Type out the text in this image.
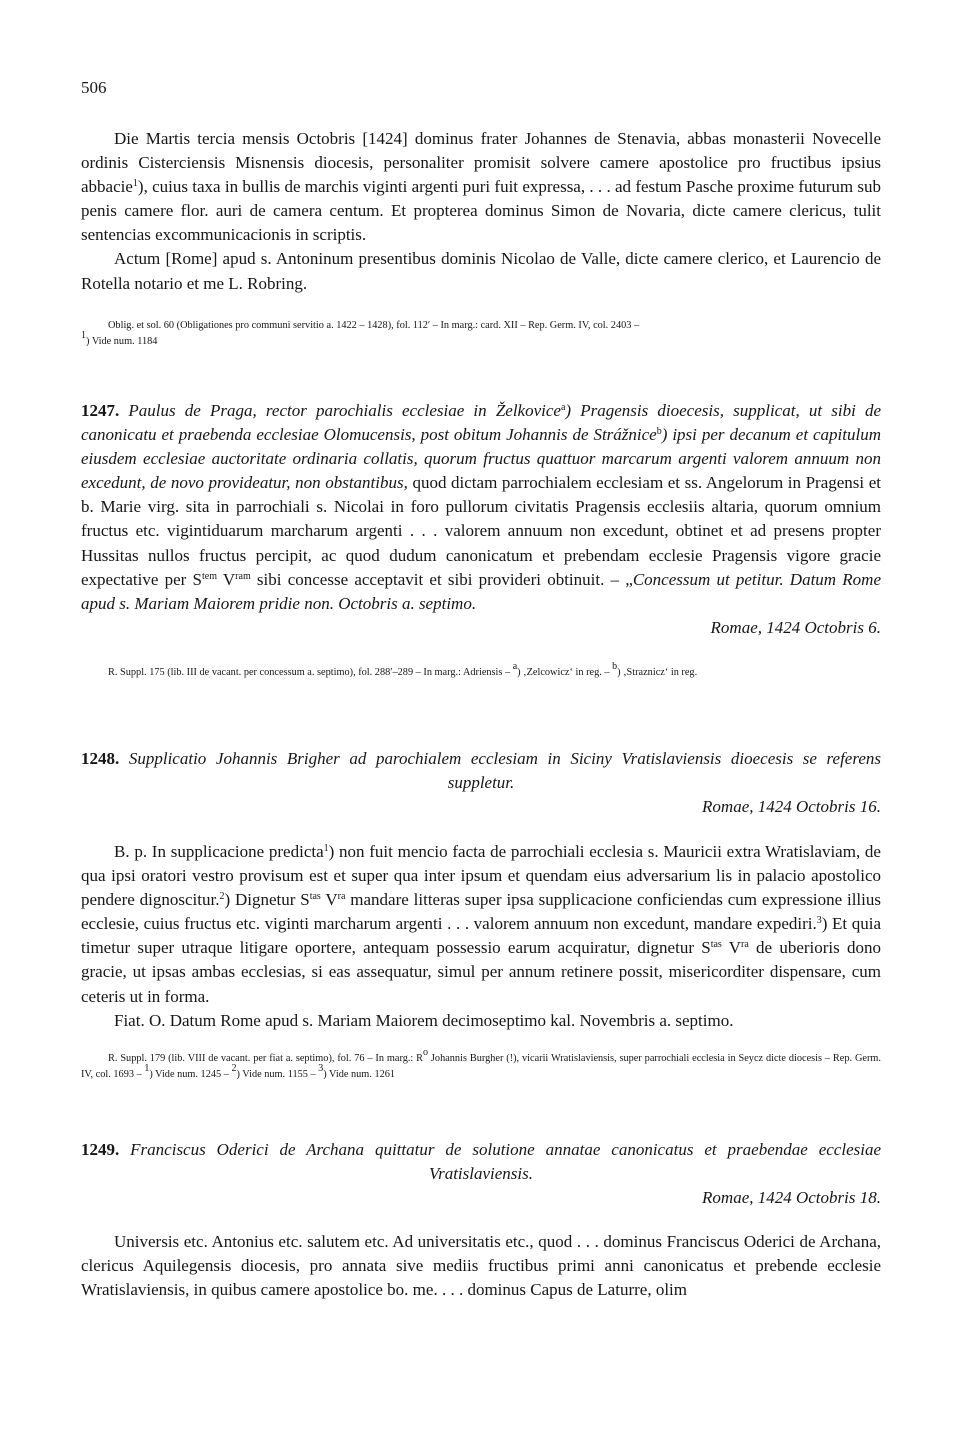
506

Die Martis tercia mensis Octobris [1424] dominus frater Johannes de Stenavia, abbas monasterii Novecelle ordinis Cisterciensis Misnensis diocesis, personaliter promisit solvere camere apostolice pro fructibus ipsius abbacie$^1$), cuius taxa in bullis de marchis viginti argenti puri fuit expressa, . . . ad festum Pasche proxime futurum sub penis camere flor. auri de camera centum. Et propterea dominus Simon de Novaria, dicte camere clericus, tulit sentencias excommunicacionis in scriptis.

Actum [Rome] apud s. Antoninum presentibus dominis Nicolao de Valle, dicte camere clerico, et Laurencio de Rotella notario et me L. Robring.

Oblig. et sol. 60 (Obligationes pro communi servitio a. 1422 – 1428), fol. 112′ – In marg.: card. XII – Rep. Germ. IV, col. 2403 –

$^1$) Vide num. 1184

1247. Paulus de Praga, rector parochialis ecclesiae in Želkovice$^a$) Pragensis dioecesis, supplicat, ut sibi de canonicatu et praebenda ecclesiae Olomucensis, post obitum Johannis de Strážnice$^b$) ipsi per decanum et capitulum eiusdem ecclesiae auctoritate ordinaria collatis, quorum fructus quattuor marcarum argenti valorem annuum non excedunt, de novo provideatur, non obstantibus, quod dictam parrochialem ecclesiam et ss. Angelorum in Pragensi et b. Marie virg. sita in parrochiali s. Nicolai in foro pullorum civitatis Pragensis ecclesiis altaria, quorum omnium fructus etc. vigintiduarum marcharum argenti . . . valorem annuum non excedunt, obtinet et ad presens propter Hussitas nullos fructus percipit, ac quod dudum canonicatum et prebendam ecclesie Pragensis vigore gracie expectative per $S^{tem}$ $V^{ram}$ sibi concesse acceptavit et sibi provideri obtinuit. – „Concessum ut petitur. Datum Rome apud s. Mariam Maiorem pridie non. Octobris a. septimo.

Romae, 1424 Octobris 6.

R. Suppl. 175 (lib. III de vacant. per concessum a. septimo), fol. 288′–289 – In marg.: Adriensis – $^a$) ‚Zelcowicz‘ in reg. – $^b$) ‚Straznicz‘ in reg.

1248. Supplicatio Johannis Brigher ad parochialem ecclesiam in Siciny Vratislaviensis dioecesis se referens suppletur.

Romae, 1424 Octobris 16.

B. p. In supplicacione predicta$^1$) non fuit mencio facta de parrochiali ecclesia s. Mauricii extra Wratislaviam, de qua ipsi oratori vestro provisum est et super qua inter ipsum et quendam eius adversarium lis in palacio apostolico pendere dignoscitur.$^2$) Dignetur $S^{tas}$ $V^{ra}$ mandare litteras super ipsa supplicacione conficiendas cum expressione illius ecclesie, cuius fructus etc. viginti marcharum argenti . . . valorem annuum non excedunt, mandare expediri.$^3$) Et quia timetur super utraque litigare oportere, antequam possessio earum acquiratur, dignetur $S^{tas}$ $V^{ra}$ de uberioris dono gracie, ut ipsas ambas ecclesias, si eas assequatur, simul per annum retinere possit, misericorditer dispensare, cum ceteris ut in forma.

Fiat. O. Datum Rome apud s. Mariam Maiorem decimoseptimo kal. Novembris a. septimo.

R. Suppl. 179 (lib. VIII de vacant. per fiat a. septimo), fol. 76 – In marg.: $R^o$ Johannis Burgher (!), vicarii Wratislaviensis, super parrochiali ecclesia in Seycz dicte diocesis – Rep. Germ. IV, col. 1693 – $^1$) Vide num. 1245 – $^2$) Vide num. 1155 – $^3$) Vide num. 1261

1249. Franciscus Oderici de Archana quittatur de solutione annatae canonicatus et praebendae ecclesiae Vratislaviensis.

Romae, 1424 Octobris 18.

Universis etc. Antonius etc. salutem etc. Ad universitatis etc., quod . . . dominus Franciscus Oderici de Archana, clericus Aquilegensis diocesis, pro annata sive mediis fructibus primi anni canonicatus et prebende ecclesie Wratislaviensis, in quibus camere apostolice bo. me. . . . dominus Capus de Laturre, olim
